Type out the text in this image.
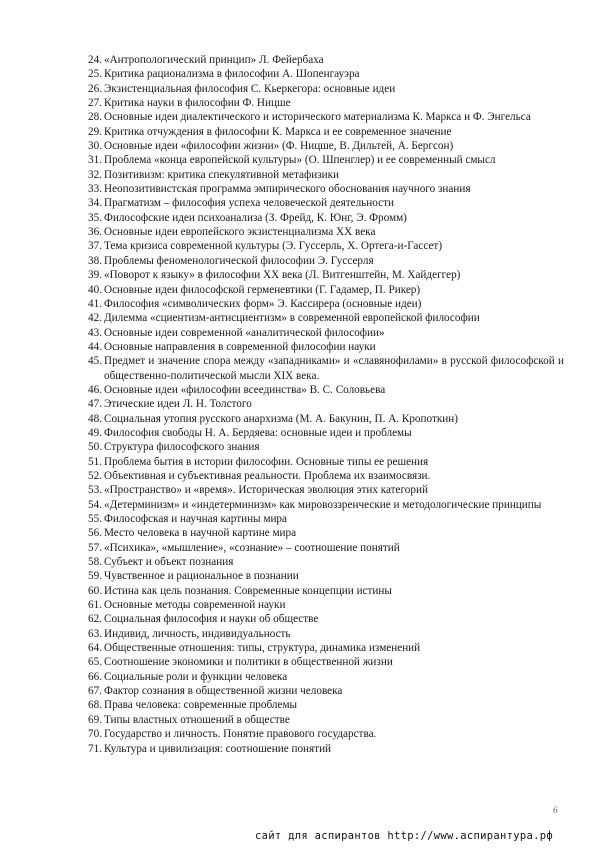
24. «Антропологический принцип» Л. Фейербаха
25. Критика рационализма в философии А. Шопенгауэра
26. Экзистенциальная философия С. Кьеркегора: основные идеи
27. Критика науки в философии Ф. Ницше
28. Основные идеи диалектического и исторического материализма К. Маркса и Ф. Энгельса
29. Критика отчуждения в философии К. Маркса и ее современное значение
30. Основные идеи «философии жизни» (Ф. Ницше, В. Дильтей, А. Бергсон)
31. Проблема «конца европейской культуры» (О. Шпенглер) и ее современный смысл
32. Позитивизм: критика спекулятивной метафизики
33. Неопозитивистская программа эмпирического обоснования научного знания
34. Прагматизм – философия успеха человеческой деятельности
35. Философские идеи психоанализа (З. Фрейд, К. Юнг, Э. Фромм)
36. Основные идеи европейского экзистенциализма XX века
37. Тема кризиса современной культуры (Э. Гуссерль, Х. Ортега-и-Гассет)
38. Проблемы феноменологической философии Э. Гуссерля
39. «Поворот к языку» в философии XX века (Л. Витгенштейн, М. Хайдеггер)
40. Основные идеи философской герменевтики (Г. Гадамер, П. Рикер)
41. Философия «символических форм» Э. Кассирера (основные идеи)
42. Дилемма «сциентизм-антисциентизм» в современной европейской философии
43. Основные идеи современной «аналитической философии»
44. Основные направления в современной философии науки
45. Предмет и значение спора между «западниками» и «славянофилами» в русской философской и общественно-политической мысли XIX века.
46. Основные идеи «философии всеединства» В. С. Соловьева
47. Этические идеи Л. Н. Толстого
48. Социальная утопия русского анархизма (М. А. Бакунин, П. А. Кропоткин)
49. Философия свободы Н. А. Бердяева: основные идеи и проблемы
50. Структура философского знания
51. Проблема бытия в истории философии. Основные типы ее решения
52. Объективная и субъективная реальности. Проблема их взаимосвязи.
53. «Пространство» и «время». Историческая эволюция этих категорий
54. «Детерминизм» и «индетерминизм» как мировоззренческие и методологические принципы
55. Философская и научная картины мира
56. Место человека в научной картине мира
57. «Психика», «мышление», «сознание» – соотношение понятий
58. Субъект и объект познания
59. Чувственное и рациональное в познании
60. Истина как цель познания. Современные концепции истины
61. Основные методы современной науки
62. Социальная философия и науки об обществе
63. Индивид, личность, индивидуальность
64. Общественные отношения: типы, структура, динамика изменений
65. Соотношение экономики и политики в общественной жизни
66. Социальные роли и функции человека
67. Фактор сознания в общественной жизни человека
68. Права человека: современные проблемы
69. Типы властных отношений в обществе
70. Государство и личность. Понятие правового государства.
71. Культура и цивилизация: соотношение понятий
6
сайт для аспирантов http://www.аспирантура.рф
